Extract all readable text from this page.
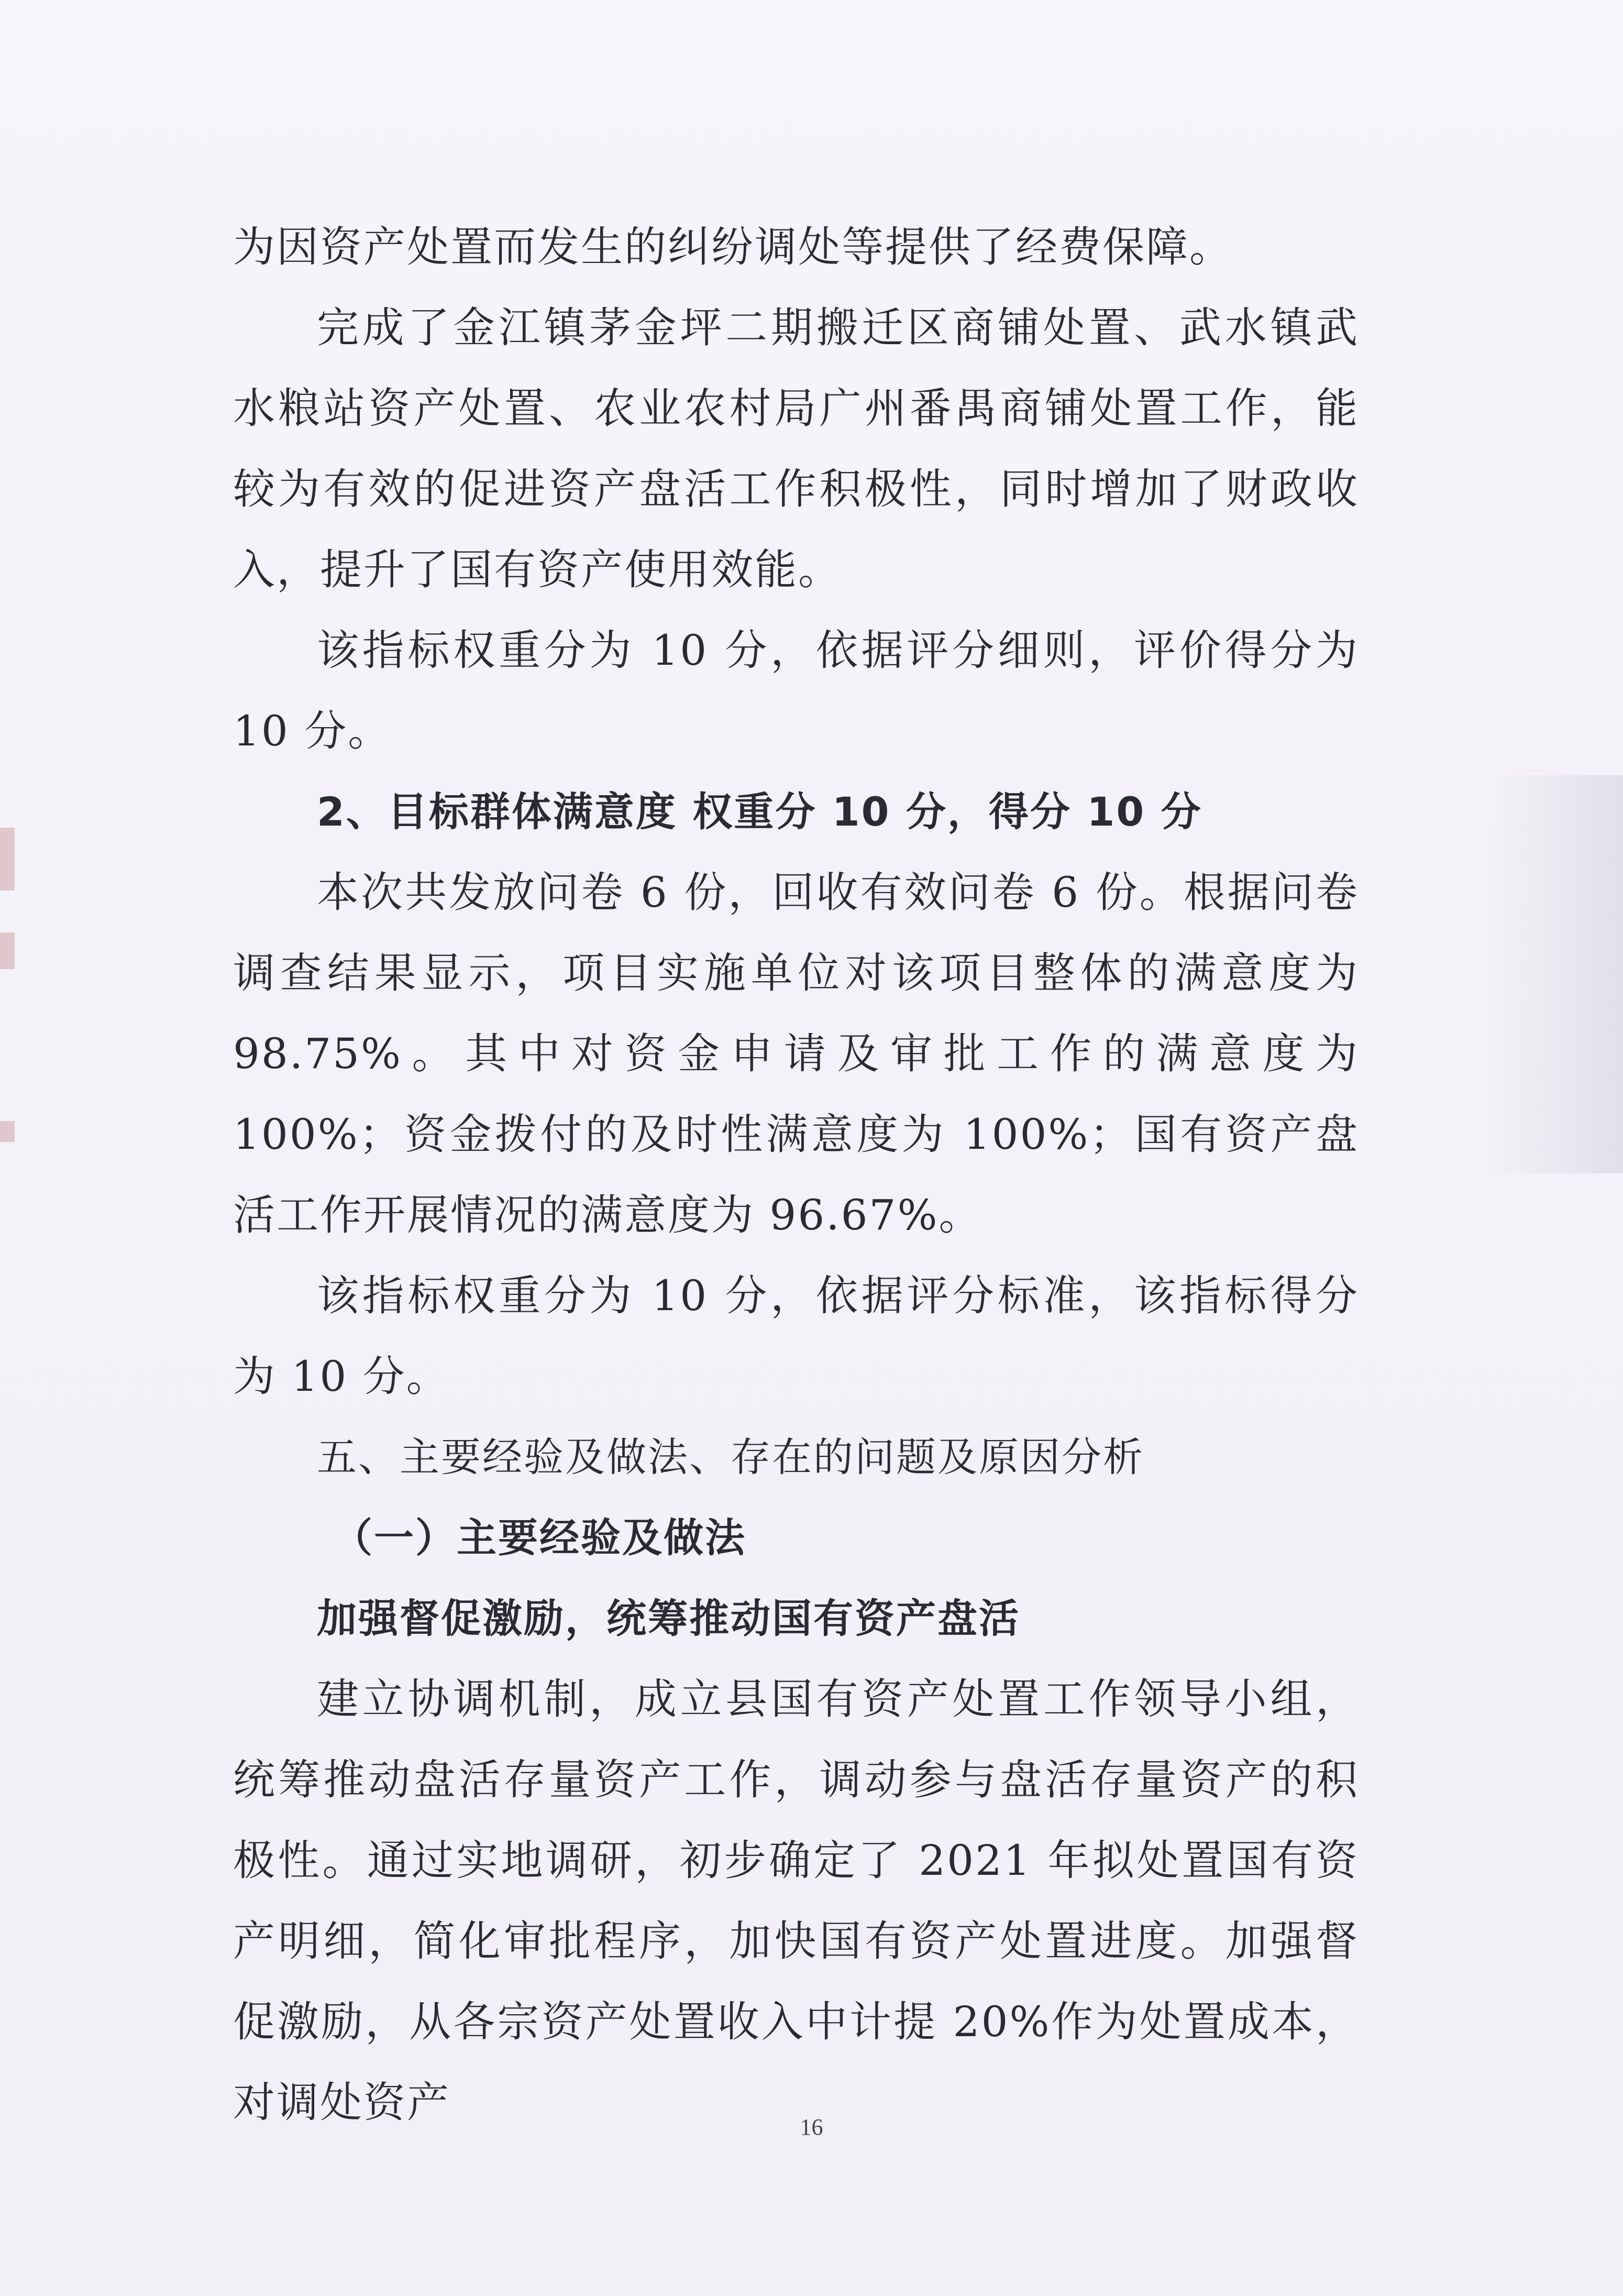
为因资产处置而发生的纠纷调处等提供了经费保障。

完成了金江镇茅金坪二期搬迁区商铺处置、武水镇武水粮站资产处置、农业农村局广州番禺商铺处置工作，能较为有效的促进资产盘活工作积极性，同时增加了财政收入，提升了国有资产使用效能。

该指标权重分为 10 分，依据评分细则，评价得分为 10 分。

2、目标群体满意度 权重分 10 分，得分 10 分

本次共发放问卷 6 份，回收有效问卷 6 份。根据问卷调查结果显示，项目实施单位对该项目整体的满意度为 98.75%。其中对资金申请及审批工作的满意度为 100%；资金拨付的及时性满意度为 100%；国有资产盘活工作开展情况的满意度为 96.67%。

该指标权重分为 10 分，依据评分标准，该指标得分为 10 分。

五、主要经验及做法、存在的问题及原因分析

（一）主要经验及做法

加强督促激励，统筹推动国有资产盘活

建立协调机制，成立县国有资产处置工作领导小组，统筹推动盘活存量资产工作，调动参与盘活存量资产的积极性。通过实地调研，初步确定了 2021 年拟处置国有资产明细，简化审批程序，加快国有资产处置进度。加强督促激励，从各宗资产处置收入中计提 20%作为处置成本，对调处资产

16
